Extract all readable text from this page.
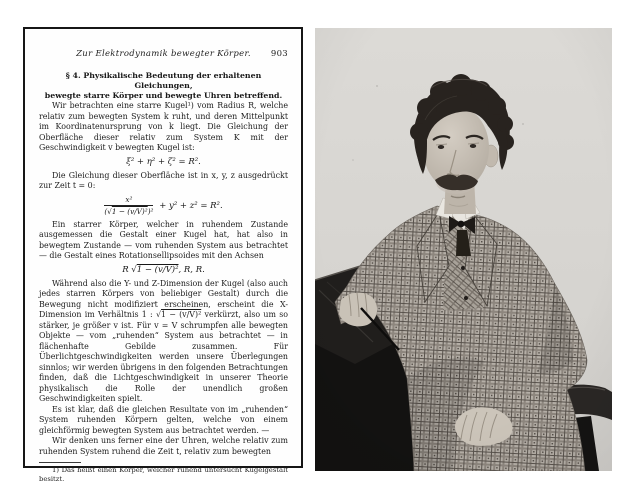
Zur Elektrodynamik bewegter Körper. 903
§ 4. Physikalische Bedeutung der erhaltenen Gleichungen,
bewegte starre Körper und bewegte Uhren betreffend.

Wir betrachten eine starre Kugel¹) vom Radius R, welche relativ zum bewegten System k ruht, und deren Mittelpunkt im Koordinatenursprung von k liegt. Die Gleichung der Oberfläche dieser relativ zum System K mit der Geschwindigkeit v bewegten Kugel ist:

ξ² + η² + ζ² = R².

Die Gleichung dieser Oberfläche ist in x, y, z ausgedrückt zur Zeit t = 0:

$\frac{\text{x²}}{\text{(√1 − (v/V)²)²}} + y^2 + z^2 = R^2$.

Ein starrer Körper, welcher in ruhendem Zustande ausgemessen die Gestalt einer Kugel hat, hat also in bewegtem Zustande — vom ruhenden System aus betrachtet — die Gestalt eines Rotationsellipsoides mit den Achsen

R √1 − (v/V)², R, R.

Während also die Y- und Z-Dimension der Kugel (also auch jedes starren Körpers von beliebiger Gestalt) durch die Bewegung nicht modifiziert erscheinen, erscheint die X-Dimension im Verhältnis 1 : √1 − (v/V)² verkürzt, also um so stärker, je größer v ist. Für v = V schrumpfen alle bewegten Objekte — vom „ruhenden“ System aus betrachtet — in flächenhafte Gebilde zusammen. Für Überlichtgeschwindigkeiten werden unsere Überlegungen sinnlos; wir werden übrigens in den folgenden Betrachtungen finden, daß die Lichtgeschwindigkeit in unserer Theorie physikalisch die Rolle der unendlich großen Geschwindigkeiten spielt.

Es ist klar, daß die gleichen Resultate von im „ruhenden“ System ruhenden Körpern gelten, welche von einem gleichförmig bewegten System aus betrachtet werden. —

Wir denken uns ferner eine der Uhren, welche relativ zum ruhenden System ruhend die Zeit t, relativ zum bewegten

1) Das heißt einen Körper, welcher ruhend untersucht Kugelgestalt besitzt.
